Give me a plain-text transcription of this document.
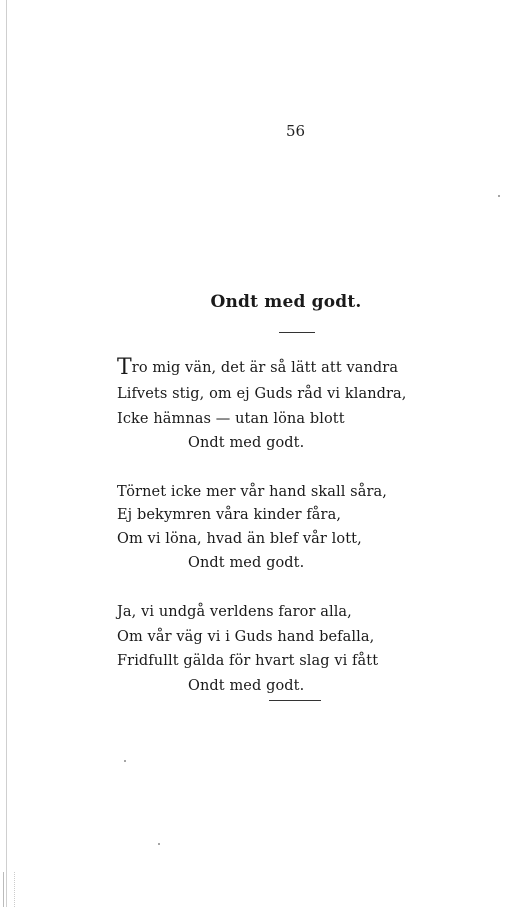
56
Ondt med godt.
Tro mig vän, det är så lätt att vandra
Lifvets stig, om ej Guds råd vi klandra,
Icke hämnas — utan löna blott
Ondt med godt.
Törnet icke mer vår hand skall såra,
Ej bekymren våra kinder fåra,
Om vi löna, hvad än blef vår lott,
Ondt med godt.
Ja, vi undgå verldens faror alla,
Om vår väg vi i Guds hand befalla,
Fridfullt gälda för hvart slag vi fått
Ondt med godt.
